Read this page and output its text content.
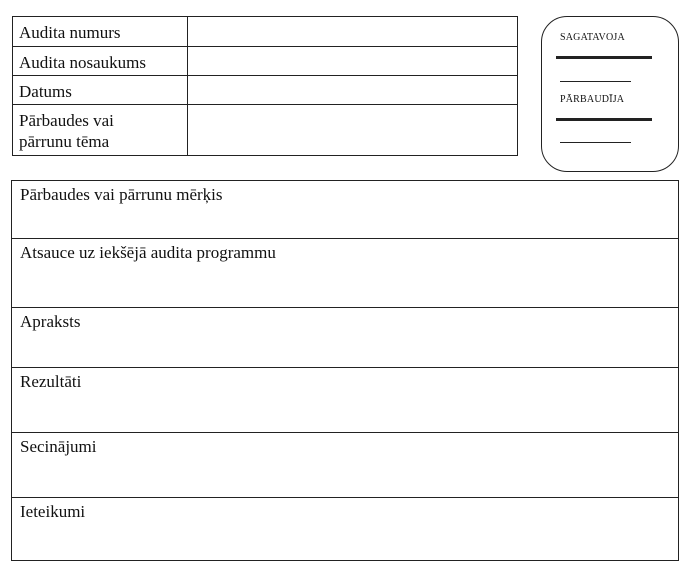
Audita numurs
Audita nosaukums
Datums
Pārbaudes vai
pārrunu tēma
SAGATAVOJA
PĀRBAUDĪJA
Pārbaudes vai pārrunu mērķis
Atsauce uz iekšējā audita programmu
Apraksts
Rezultāti
Secinājumi
Ieteikumi
